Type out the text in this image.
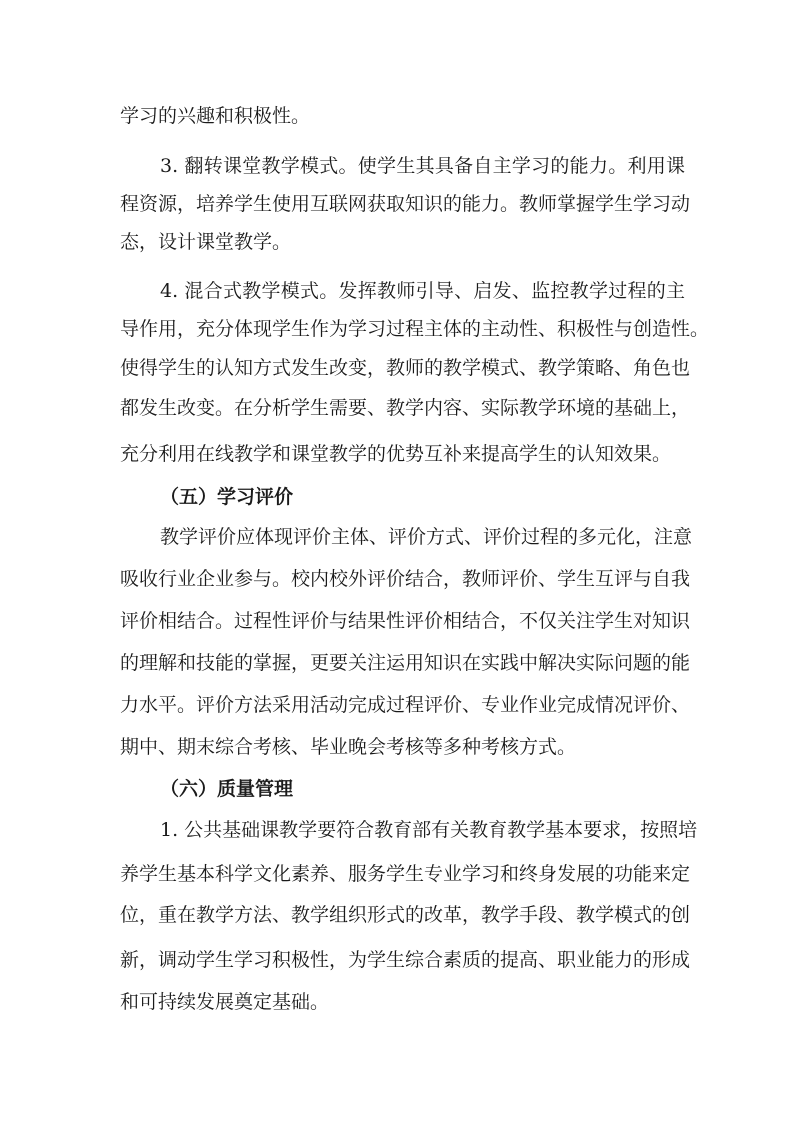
学习的兴趣和积极性。
3. 翻转课堂教学模式。使学生其具备自主学习的能力。利用课
程资源，培养学生使用互联网获取知识的能力。教师掌握学生学习动
态，设计课堂教学。
4. 混合式教学模式。发挥教师引导、启发、监控教学过程的主
导作用，充分体现学生作为学习过程主体的主动性、积极性与创造性。
使得学生的认知方式发生改变，教师的教学模式、教学策略、角色也
都发生改变。在分析学生需要、教学内容、实际教学环境的基础上，
充分利用在线教学和课堂教学的优势互补来提高学生的认知效果。
（五）学习评价
教学评价应体现评价主体、评价方式、评价过程的多元化，注意
吸收行业企业参与。校内校外评价结合，教师评价、学生互评与自我
评价相结合。过程性评价与结果性评价相结合，不仅关注学生对知识
的理解和技能的掌握，更要关注运用知识在实践中解决实际问题的能
力水平。评价方法采用活动完成过程评价、专业作业完成情况评价、
期中、期末综合考核、毕业晚会考核等多种考核方式。
（六）质量管理
1. 公共基础课教学要符合教育部有关教育教学基本要求，按照培
养学生基本科学文化素养、服务学生专业学习和终身发展的功能来定
位，重在教学方法、教学组织形式的改革，教学手段、教学模式的创
新，调动学生学习积极性，为学生综合素质的提高、职业能力的形成
和可持续发展奠定基础。
